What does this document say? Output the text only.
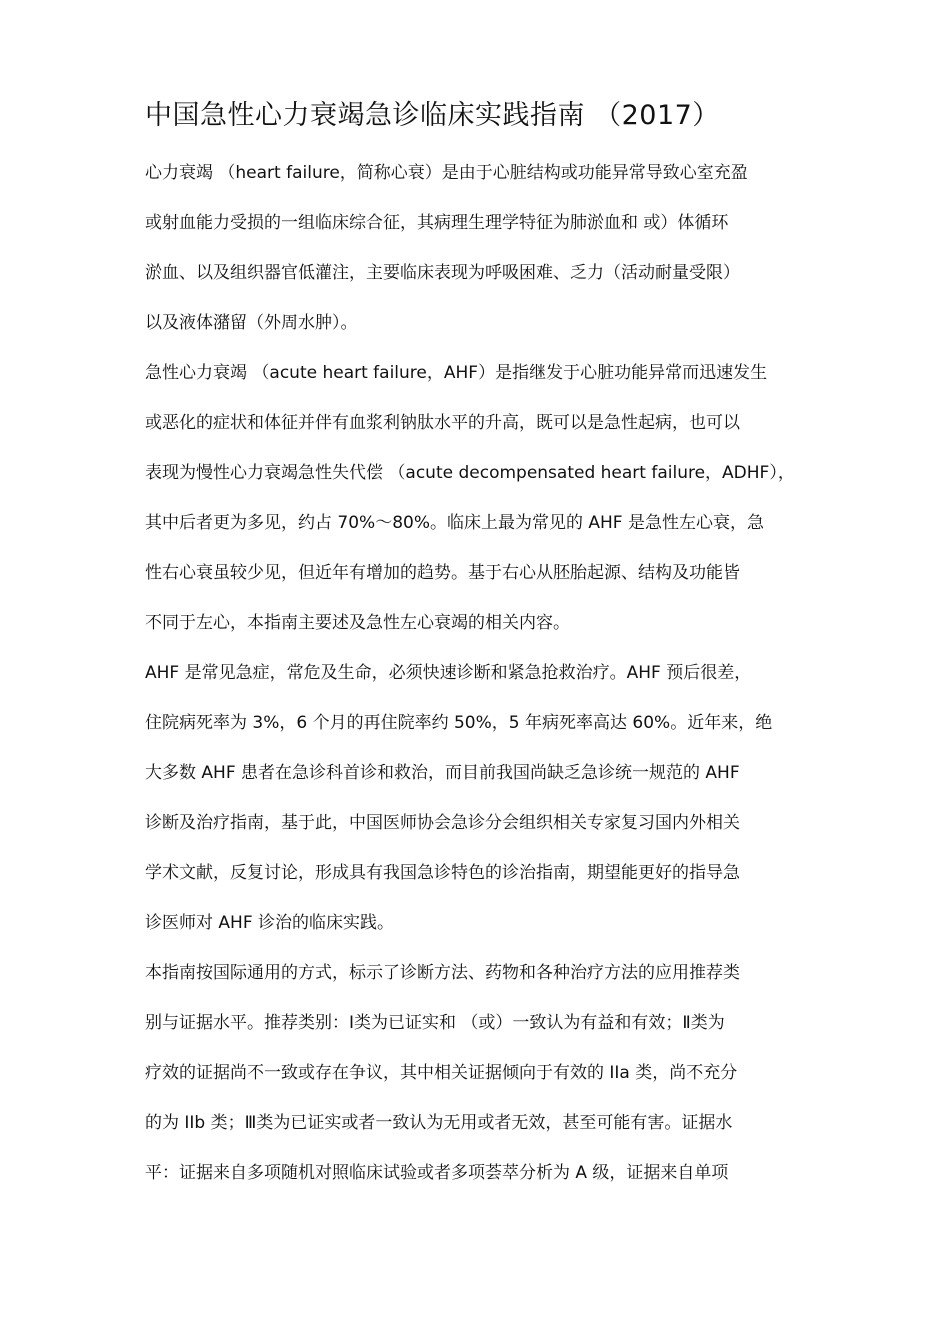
中国急性心力衰竭急诊临床实践指南 （2017）
心力衰竭 （heart failure，简称心衰）是由于心脏结构或功能异常导致心室充盈
或射血能力受损的一组临床综合征，其病理生理学特征为肺淤血和 或）体循环
淤血、以及组织器官低灌注，主要临床表现为呼吸困难、乏力（活动耐量受限）
以及液体潴留（外周水肿）。
急性心力衰竭 （acute heart failure，AHF）是指继发于心脏功能异常而迅速发生
或恶化的症状和体征并伴有血浆利钠肽水平的升高，既可以是急性起病，也可以
表现为慢性心力衰竭急性失代偿 （acute decompensated heart failure，ADHF），
其中后者更为多见，约占 70%～80%。临床上最为常见的 AHF 是急性左心衰，急
性右心衰虽较少见，但近年有增加的趋势。基于右心从胚胎起源、结构及功能皆
不同于左心，本指南主要述及急性左心衰竭的相关内容。
AHF 是常见急症，常危及生命，必须快速诊断和紧急抢救治疗。AHF 预后很差，
住院病死率为 3%，6 个月的再住院率约 50%，5 年病死率高达 60%。近年来，绝
大多数 AHF 患者在急诊科首诊和救治，而目前我国尚缺乏急诊统一规范的 AHF
诊断及治疗指南，基于此，中国医师协会急诊分会组织相关专家复习国内外相关
学术文献，反复讨论，形成具有我国急诊特色的诊治指南，期望能更好的指导急
诊医师对 AHF 诊治的临床实践。
本指南按国际通用的方式，标示了诊断方法、药物和各种治疗方法的应用推荐类
别与证据水平。推荐类别：Ⅰ类为已证实和 （或）一致认为有益和有效；Ⅱ类为
疗效的证据尚不一致或存在争议，其中相关证据倾向于有效的 IIa 类，尚不充分
的为 IIb 类；Ⅲ类为已证实或者一致认为无用或者无效，甚至可能有害。证据水
平：证据来自多项随机对照临床试验或者多项荟萃分析为 A 级，证据来自单项
